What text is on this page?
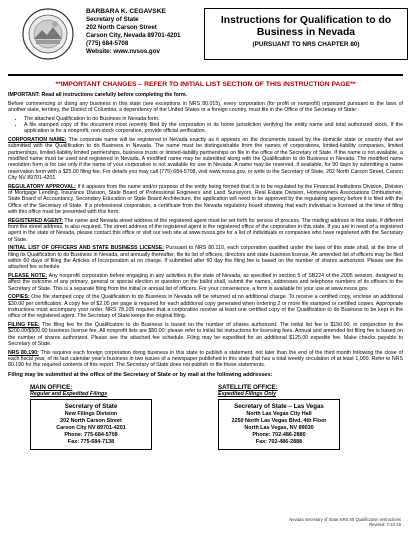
BARBARA K. CEGAVSKE
Secretary of State
202 North Carson Street
Carson City, Nevada 89701-4201
(775) 684-5708
Website: www.nvsos.gov
Instructions for Qualification to do Business in Nevada
(PURSUANT TO NRS CHAPTER 80)
**IMPORTANT CHANGES – REFER TO INITIAL LIST SECTION OF THIS INSTRUCTION PAGE**

IMPORTANT: Read all instructions carefully before completing the form.

Before commencing or doing any business in this state (see exceptions in NRS 80.015), every corporation (for profit or nonprofit) organized pursuant to the laws of another state, territory, the District of Columbia, a dependency of the United States or a foreign country, must file in the Office of the Secretary of State:

• The attached Qualification to do Business in Nevada form.
• A file stamped copy of the document most recently filed by the corporation in its home jurisdiction verifying the entity name and total authorized stock. If the application is for a nonprofit, non-stock corporation, provide official verification.

CORPORATION NAME: The corporate name will be registered in Nevada exactly as it appears on the documents issued by the domicile state or country that are submitted with the Qualification to do Business in Nevada. The name must be distinguishable from the names of corporations, limited-liability companies, limited partnerships, limited-liability limited partnerships, business trusts or limited-liability partnerships on file in the office of the Secretary of State. If the name is not available, a modified name must be used and registered in Nevada. A modified name may be submitted along with the Qualification to do Business in Nevada. The modified name resolution form is for use only if the name of your corporation is not available for use in Nevada. A name may be reserved, if available, for 90 days by submitting a name reservation form with a $25.00 filing fee. For details you may call (775) 684-5708, visit www.nvsos.gov, or write to the Secretary of State, 202 North Carson Street, Carson City NV 89701-4201.

REGULATORY APPROVAL: If it appears from the name and/or purpose of the entity being formed that it is to be regulated by the Financial Institutions Division, Division of Mortgage Lending, Insurance Division, State Board of Professional Engineers and Land Surveyors, Real Estate Division, Homeowners Associations Ombudsman, State Board of Accountancy, Secondary Education or State Board Architecture, the application will need to be approved by the regulating agency before it is filed with the Office of the Secretary of State. If a professional corporation, a certificate from the Nevada regulatory board showing that each individual is licensed at the time of filing with this office must be presented with this form.

REGISTERED AGENT: The name and Nevada street address of the registered agent must be set forth for service of process. The mailing address in this state, if different from the street address, is also required. The street address of the registered agent is the registered office of the corporation in this state. If you are in need of a registered agent in the state of Nevada, please contact this office or visit our web site at www.nvsos.gov for a list of individuals or companies who have registered with the Secretary of State.

INITIAL LIST OF OFFICERS AND STATE BUSINESS LICENSE: Pursuant to NRS 80.110, each corporation qualified under the laws of this state shall, at the time of filing its Qualification to do Business in Nevada, and annually thereafter, file its list of officers, directors and state business license. An amended list of officers may be filed within 60 days of filing the Articles of Incorporation at no charge. If submitted after 60 day the filing fee is based on the number of shares authorized. Please see the attached fee schedule.

PLEASE NOTE: Any nonprofit corporation before engaging in any activities in the state of Nevada, as specified in section 5 of SB224 of the 2005 session, designed to affect the outcome of any primary, general or special election or question on the ballot shall, submit the names, addresses and telephone numbers of its officers to the Secretary of State. This is a separate filing from the initial or annual list of officers. For your convenience, a form is available for your use at www.nvsos.gov.

COPIES: One file stamped copy of the Qualification to do Business in Nevada will be returned at no additional charge. To receive a certified copy, enclose an additional $30.00 per certification. A copy fee of $2.00 per page is required for each additional copy generated when ordering 2 or more file stamped or certified copies. Appropriate instructions must accompany your order. NRS 78.105 requires that a corporation receive at least one certified copy of the Qualification to do Business to be kept in the office of the registered agent. The Secretary of State keeps the original filing.

FILING FEE: The filing fee for the Qualification to do Business is based on the number of shares authorized. The initial list fee is $150.00, in conjunction to the $200.00/$500.00 business license fee. All nonprofit lists are $50.00; please refer to initial list instructions for licensing fees. Annual and amended list filing fee is based on the number of shares authorized. Please see the attached fee schedule. Filing may be expedited for an additional $125.00 expedite fee. Make checks payable to Secretary of State.

NRS 80.190: This requires each foreign corporation doing business in this state to publish a statement, not later than the end of the third month following the close of each fiscal year, of its last calendar year's business in two issues of a newspaper published in this state that has a total weekly circulation of at least 1,000. Refer to NRS 80.190 for the required contents of this report. The Secretary of State does not publish or file these statements.

Filing may be submitted at the office of the Secretary of State or by mail at the following addresses:
MAIN OFFICE:
Regular and Expedited Filings
Secretary of State
New Filings Division
202 North Carson Street
Carson City NV 89701-4201
Phone: 775-684-5708
Fax: 775-684-7138
SATELLITE OFFICE:
Expedited Filings Only
Secretary of State – Las Vegas
North Las Vegas City Hall
2250 North Las Vegas Blvd, 4th Floor
North Las Vegas, NV 89030
Phone: 702-486-2880
Fax: 702-486-2888
Nevada Secretary of State NRS 80 Qualification Instructions
Revised: 7-24-18
